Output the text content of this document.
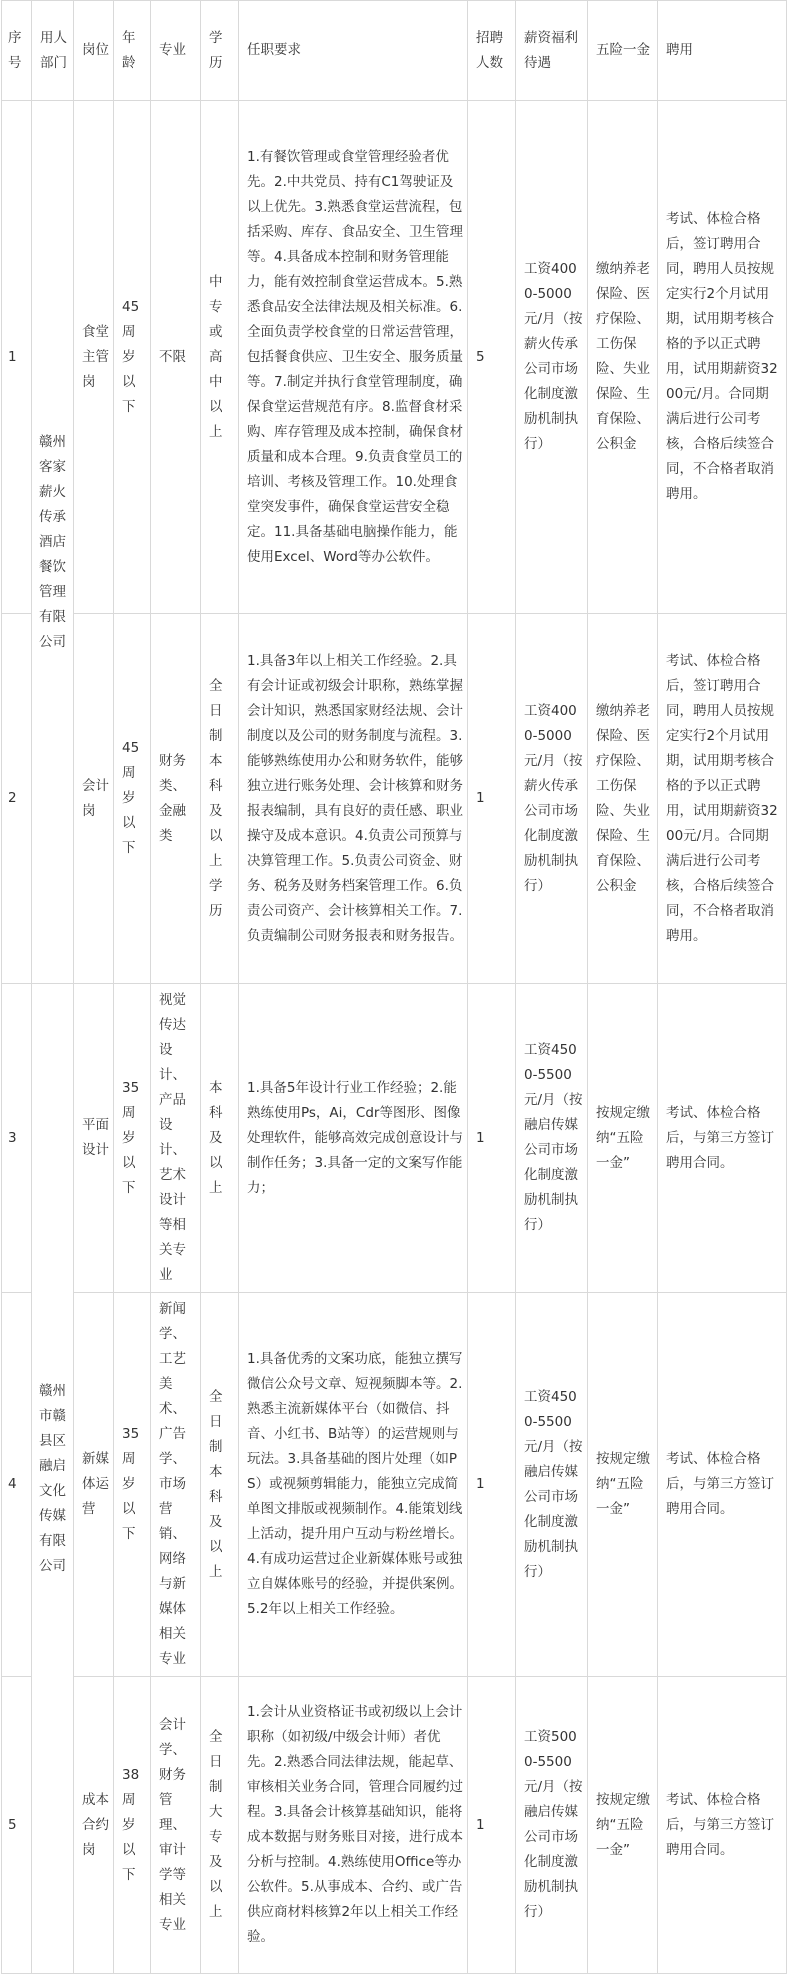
序号	用人部门	岗位	年龄	专业	学历	任职要求	招聘人数	薪资福利待遇	五险一金	聘用
1	赣州客家薪火传承酒店餐饮管理有限公司	食堂主管岗	45周岁以下	不限	中专或高中以上	1.有餐饮管理或食堂管理经验者优先。2.中共党员、持有C1驾驶证及以上优先。3.熟悉食堂运营流程，包括采购、库存、食品安全、卫生管理等。4.具备成本控制和财务管理能力，能有效控制食堂运营成本。5.熟悉食品安全法律法规及相关标准。6.全面负责学校食堂的日常运营管理，包括餐食供应、卫生安全、服务质量等。7.制定并执行食堂管理制度，确保食堂运营规范有序。8.监督食材采购、库存管理及成本控制，确保食材质量和成本合理。9.负责食堂员工的培训、考核及管理工作。10.处理食堂突发事件，确保食堂运营安全稳定。11.具备基础电脑操作能力，能使用Excel、Word等办公软件。	5	工资4000-5000元/月（按薪火传承公司市场化制度激励机制执行）	缴纳养老保险、医疗保险、工伤保险、失业保险、生育保险、公积金	考试、体检合格后，签订聘用合同，聘用人员按规定实行2个月试用期，试用期考核合格的予以正式聘用，试用期薪资3200元/月。合同期满后进行公司考核，合格后续签合同，不合格者取消聘用。
2		会计岗	45周岁以下	财务类、金融类	全日制本科及以上学历	1.具备3年以上相关工作经验。2.具有会计证或初级会计职称，熟练掌握会计知识，熟悉国家财经法规、会计制度以及公司的财务制度与流程。3.能够熟练使用办公和财务软件，能够独立进行账务处理、会计核算和财务报表编制，具有良好的责任感、职业操守及成本意识。4.负责公司预算与决算管理工作。5.负责公司资金、财务、税务及财务档案管理工作。6.负责公司资产、会计核算相关工作。7.负责编制公司财务报表和财务报告。	1	工资4000-5000元/月（按薪火传承公司市场化制度激励机制执行）	缴纳养老保险、医疗保险、工伤保险、失业保险、生育保险、公积金	考试、体检合格后，签订聘用合同，聘用人员按规定实行2个月试用期，试用期考核合格的予以正式聘用，试用期薪资3200元/月。合同期满后进行公司考核，合格后续签合同，不合格者取消聘用。
3	赣州市赣县区融启文化传媒有限公司	平面设计	35周岁以下	视觉传达设计、产品设计、艺术设计等相关专业	本科及以上	1.具备5年设计行业工作经验；2.能熟练使用Ps，Ai，Cdr等图形、图像处理软件，能够高效完成创意设计与制作任务；3.具备一定的文案写作能力；	1	工资4500-5500元/月（按融启传媒公司市场化制度激励机制执行）	按规定缴纳“五险一金”	考试、体检合格后，与第三方签订聘用合同。
4		新媒体运营	35周岁以下	新闻学、工艺美术、广告学、市场营销、网络与新媒体相关专业	全日制本科及以上	1.具备优秀的文案功底，能独立撰写微信公众号文章、短视频脚本等。2.熟悉主流新媒体平台（如微信、抖音、小红书、B站等）的运营规则与玩法。3.具备基础的图片处理（如PS）或视频剪辑能力，能独立完成简单图文排版或视频制作。4.能策划线上活动，提升用户互动与粉丝增长。4.有成功运营过企业新媒体账号或独立自媒体账号的经验，并提供案例。5.2年以上相关工作经验。	1	工资4500-5500元/月（按融启传媒公司市场化制度激励机制执行）	按规定缴纳“五险一金”	考试、体检合格后，与第三方签订聘用合同。
5		成本合约岗	38周岁以下	会计学、财务管理、审计学等相关专业	全日制大专及以上	1.会计从业资格证书或初级以上会计职称（如初级/中级会计师）者优先。2.熟悉合同法律法规，能起草、审核相关业务合同，管理合同履约过程。3.具备会计核算基础知识，能将成本数据与财务账目对接，进行成本分析与控制。4.熟练使用Office等办公软件。5.从事成本、合约、或广告供应商材料核算2年以上相关工作经验。	1	工资5000-5500元/月（按融启传媒公司市场化制度激励机制执行）	按规定缴纳“五险一金”	考试、体检合格后，与第三方签订聘用合同。
